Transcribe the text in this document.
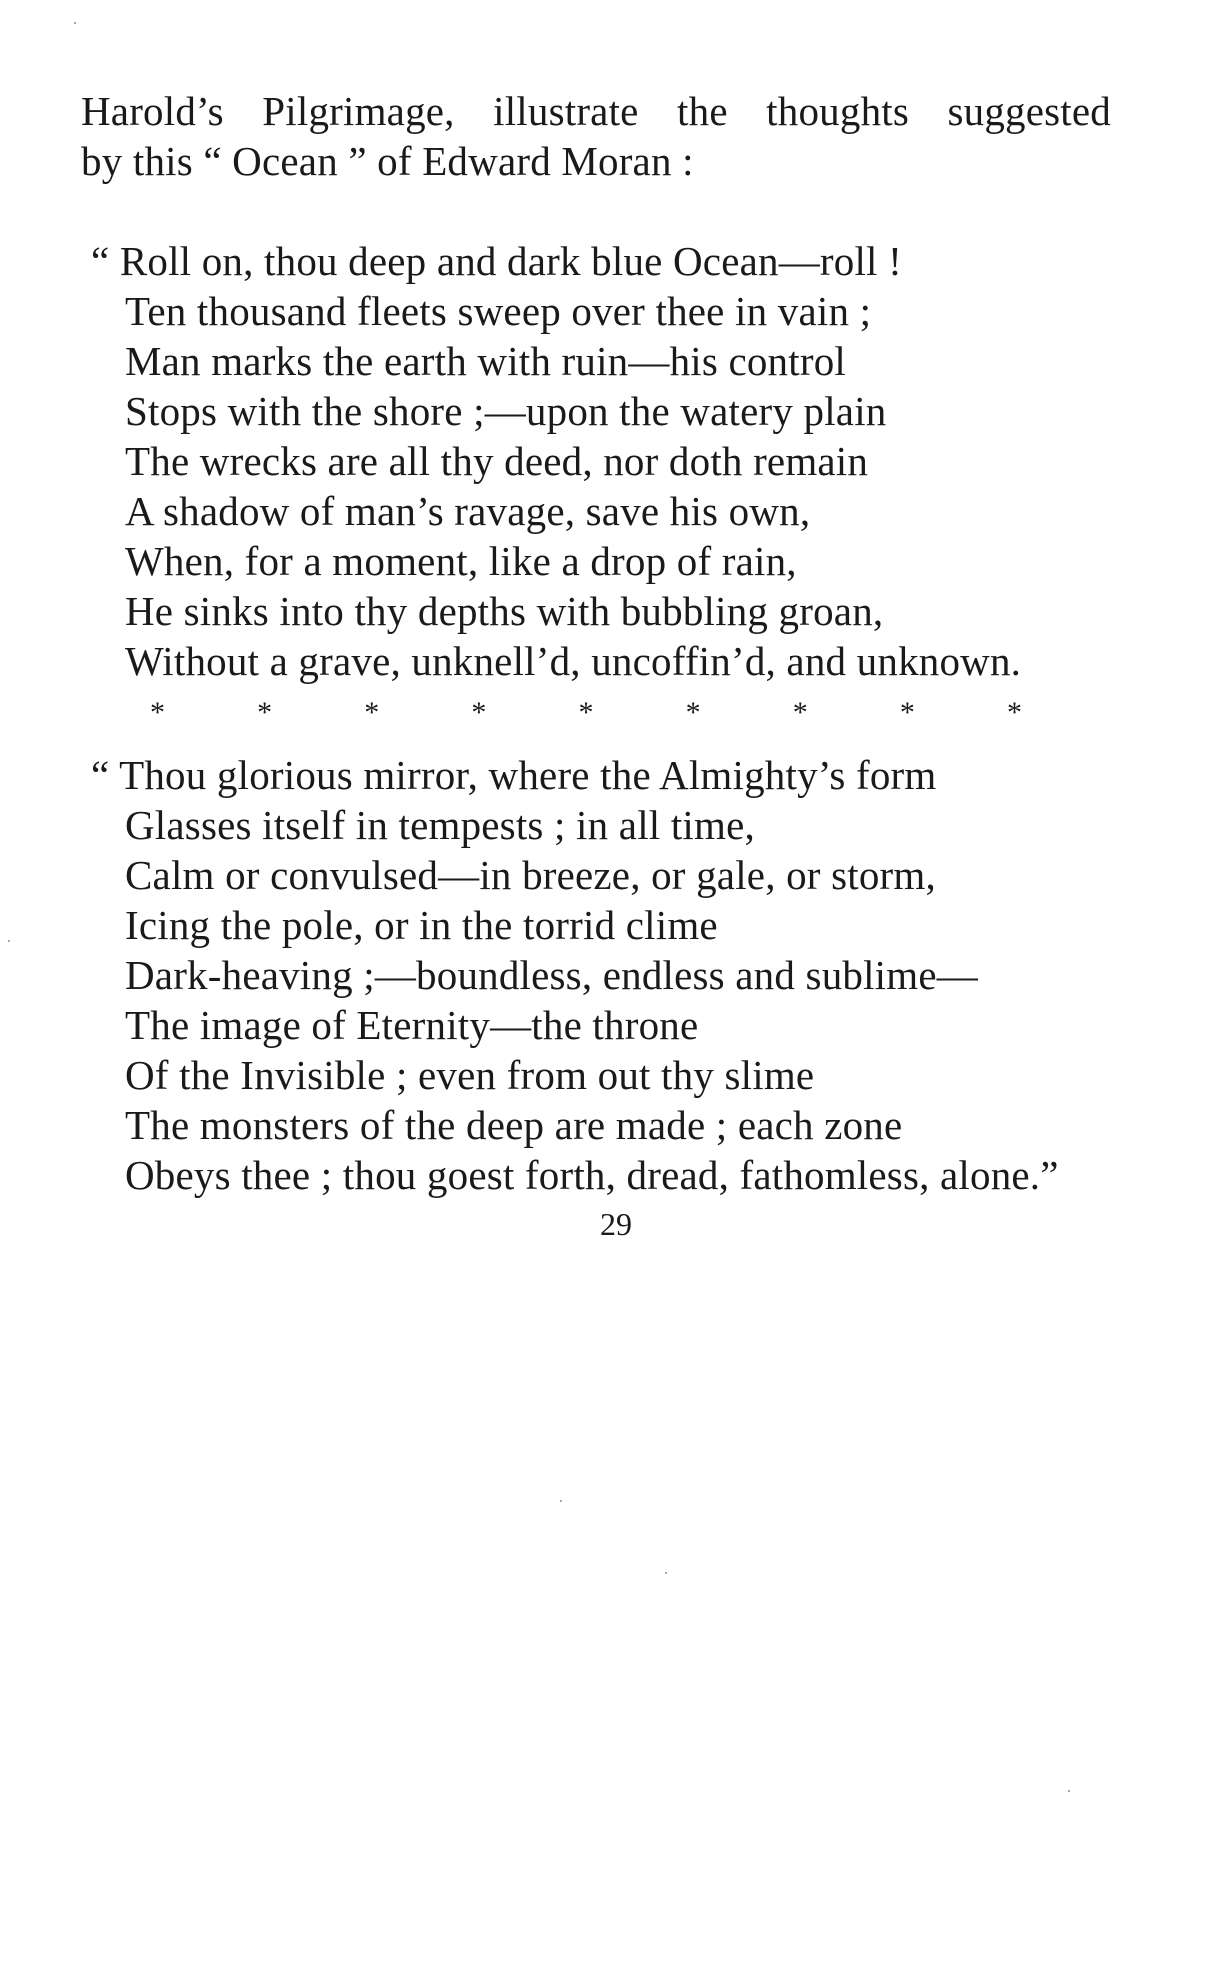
Harold’s Pilgrimage, illustrate the thoughts suggested
by this “ Ocean ” of Edward Moran :
“ Roll on, thou deep and dark blue Ocean—roll !
Ten thousand fleets sweep over thee in vain ;
Man marks the earth with ruin—his control
Stops with the shore ;—upon the watery plain
The wrecks are all thy deed, nor doth remain
A shadow of man’s ravage, save his own,
When, for a moment, like a drop of rain,
He sinks into thy depths with bubbling groan,
Without a grave, unknell’d, uncoffin’d, and unknown.
*	*	*	*	*	*	*	*	*
“ Thou glorious mirror, where the Almighty’s form
Glasses itself in tempests ; in all time,
Calm or convulsed—in breeze, or gale, or storm,
Icing the pole, or in the torrid clime
Dark-heaving ;—boundless, endless and sublime—
The image of Eternity—the throne
Of the Invisible ; even from out thy slime
The monsters of the deep are made ; each zone
Obeys thee ; thou goest forth, dread, fathomless, alone.”
29
